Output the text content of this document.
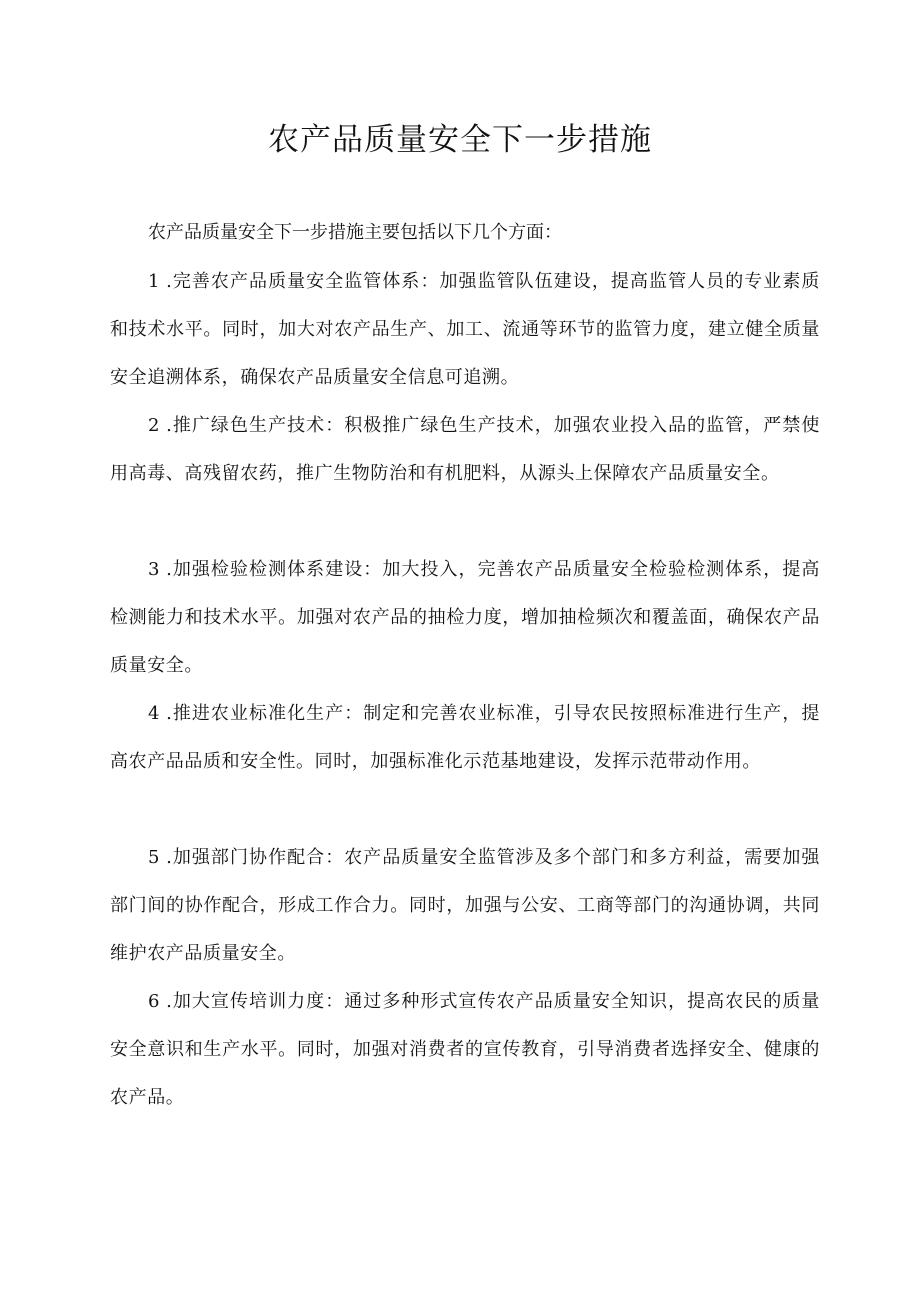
农产品质量安全下一步措施

农产品质量安全下一步措施主要包括以下几个方面：

1 .完善农产品质量安全监管体系：加强监管队伍建设，提高监管人员的专业素质和技术水平。同时，加大对农产品生产、加工、流通等环节的监管力度，建立健全质量安全追溯体系，确保农产品质量安全信息可追溯。

2 .推广绿色生产技术：积极推广绿色生产技术，加强农业投入品的监管，严禁使用高毒、高残留农药，推广生物防治和有机肥料，从源头上保障农产品质量安全。

3 .加强检验检测体系建设：加大投入，完善农产品质量安全检验检测体系，提高检测能力和技术水平。加强对农产品的抽检力度，增加抽检频次和覆盖面，确保农产品质量安全。

4 .推进农业标准化生产：制定和完善农业标准，引导农民按照标准进行生产，提高农产品品质和安全性。同时，加强标准化示范基地建设，发挥示范带动作用。

5 .加强部门协作配合：农产品质量安全监管涉及多个部门和多方利益，需要加强部门间的协作配合，形成工作合力。同时，加强与公安、工商等部门的沟通协调，共同维护农产品质量安全。

6 .加大宣传培训力度：通过多种形式宣传农产品质量安全知识，提高农民的质量安全意识和生产水平。同时，加强对消费者的宣传教育，引导消费者选择安全、健康的农产品。
